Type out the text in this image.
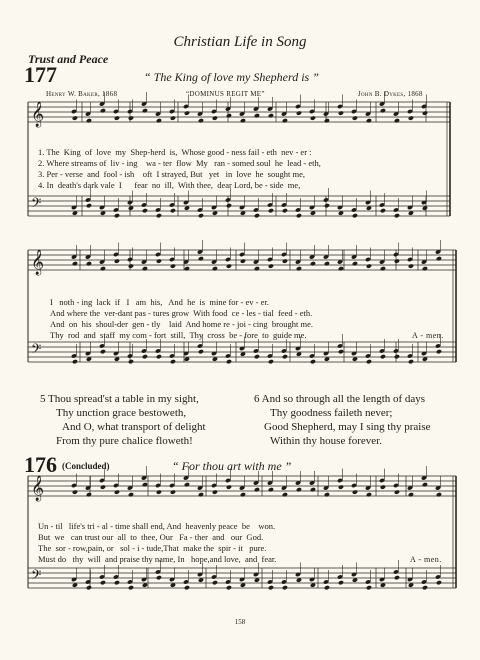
Christian Life in Song
Trust and Peace
177	“ The King of love my Shepherd is ”
Henry W. Baker, 1868	“DOMINUS REGIT ME”	John B. Dykes, 1868
𝄞
𝄢
𝄞
𝄢
𝄞
𝄢
1. The  King  of  love  my  Shep-herd  is,  Whose good - ness fail - eth  nev - er :
2. Where streams of  liv - ing    wa - ter  flow  My   ran - somed soul  he  lead - eth,
3. Per - verse  and  fool - ish    oft  I strayed, But   yet   in  love  he  sought me,
4. In  death's dark vale  I      fear  no  ill,  With thee,  dear Lord, be - side  me,
I   noth - ing  lack  if   I   am  his,   And  he  is  mine for - ev - er.
And where the  ver-dant pas - tures grow  With food  ce - les - tial  feed - eth.
And  on  his  shoul-der  gen - tly    laid  And home re - joi - cing  brought me.
Thy  rod  and  staff  my com - fort  still,  Thy  cross  be - fore  to  guide me.	A - men.
5 Thou spread'st a table in my sight,
Thy unction grace bestoweth,
And O, what transport of delight
From thy pure chalice floweth!
6 And so through all the length of days
Thy goodness faileth never;
Good Shepherd, may I sing thy praise
Within thy house forever.
176 (Concluded)	“ For thou art with me ”
Un - til   life's tri - al - time shall end, And  heavenly peace  be    won.
But  we   can trust our  all  to  thee, Our   Fa - ther  and   our  God.
The  sor - row,pain, or   sol - i - tude,That  make the  spir - it   pure.
Must do   thy  will  and praise thy name, In   hope,and love,  and  fear.	A - men.
158
